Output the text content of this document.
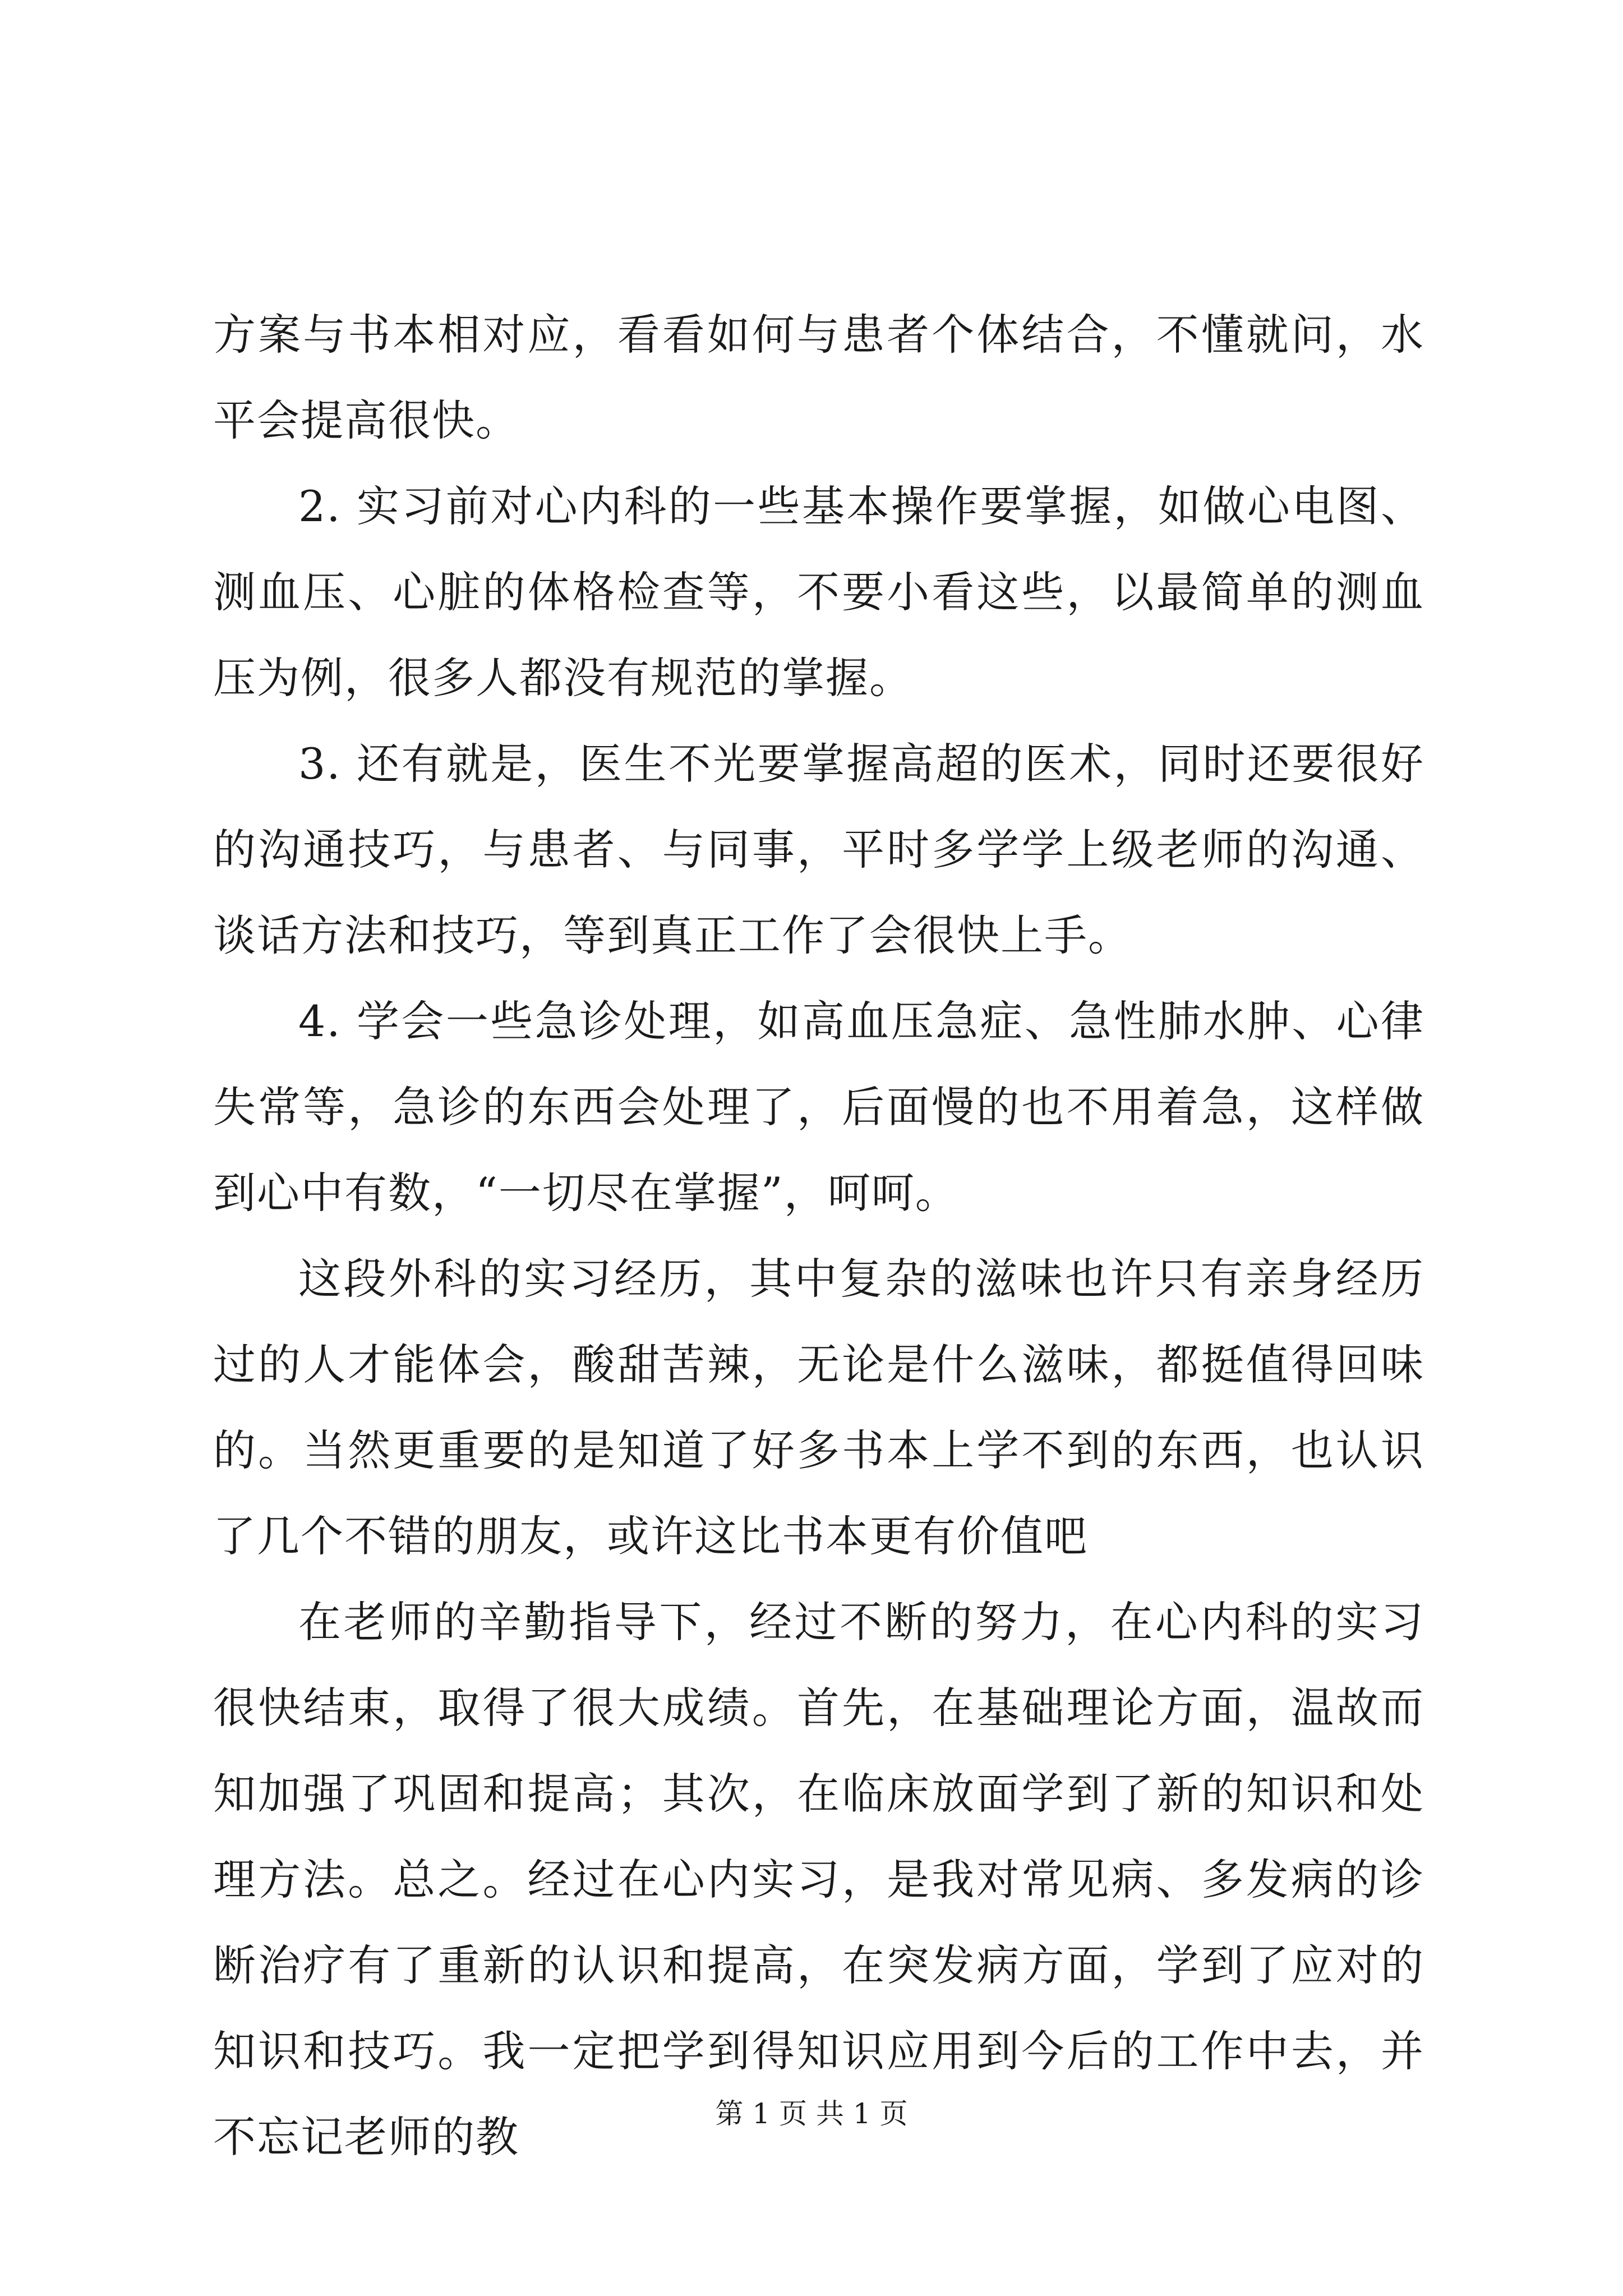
方案与书本相对应，看看如何与患者个体结合，不懂就问，水平会提高很快。

2. 实习前对心内科的一些基本操作要掌握，如做心电图、测血压、心脏的体格检查等，不要小看这些，以最简单的测血压为例，很多人都没有规范的掌握。

3. 还有就是，医生不光要掌握高超的医术，同时还要很好的沟通技巧，与患者、与同事，平时多学学上级老师的沟通、谈话方法和技巧，等到真正工作了会很快上手。

4. 学会一些急诊处理，如高血压急症、急性肺水肿、心律失常等，急诊的东西会处理了，后面慢的也不用着急，这样做到心中有数，“一切尽在掌握”，呵呵。

这段外科的实习经历，其中复杂的滋味也许只有亲身经历过的人才能体会，酸甜苦辣，无论是什么滋味，都挺值得回味的。当然更重要的是知道了好多书本上学不到的东西，也认识了几个不错的朋友，或许这比书本更有价值吧

在老师的辛勤指导下，经过不断的努力，在心内科的实习很快结束，取得了很大成绩。首先，在基础理论方面，温故而知加强了巩固和提高；其次，在临床放面学到了新的知识和处理方法。总之。经过在心内实习，是我对常见病、多发病的诊断治疗有了重新的认识和提高，在突发病方面，学到了应对的知识和技巧。我一定把学到得知识应用到今后的工作中去，并不忘记老师的教	第 1 页 共 1 页
